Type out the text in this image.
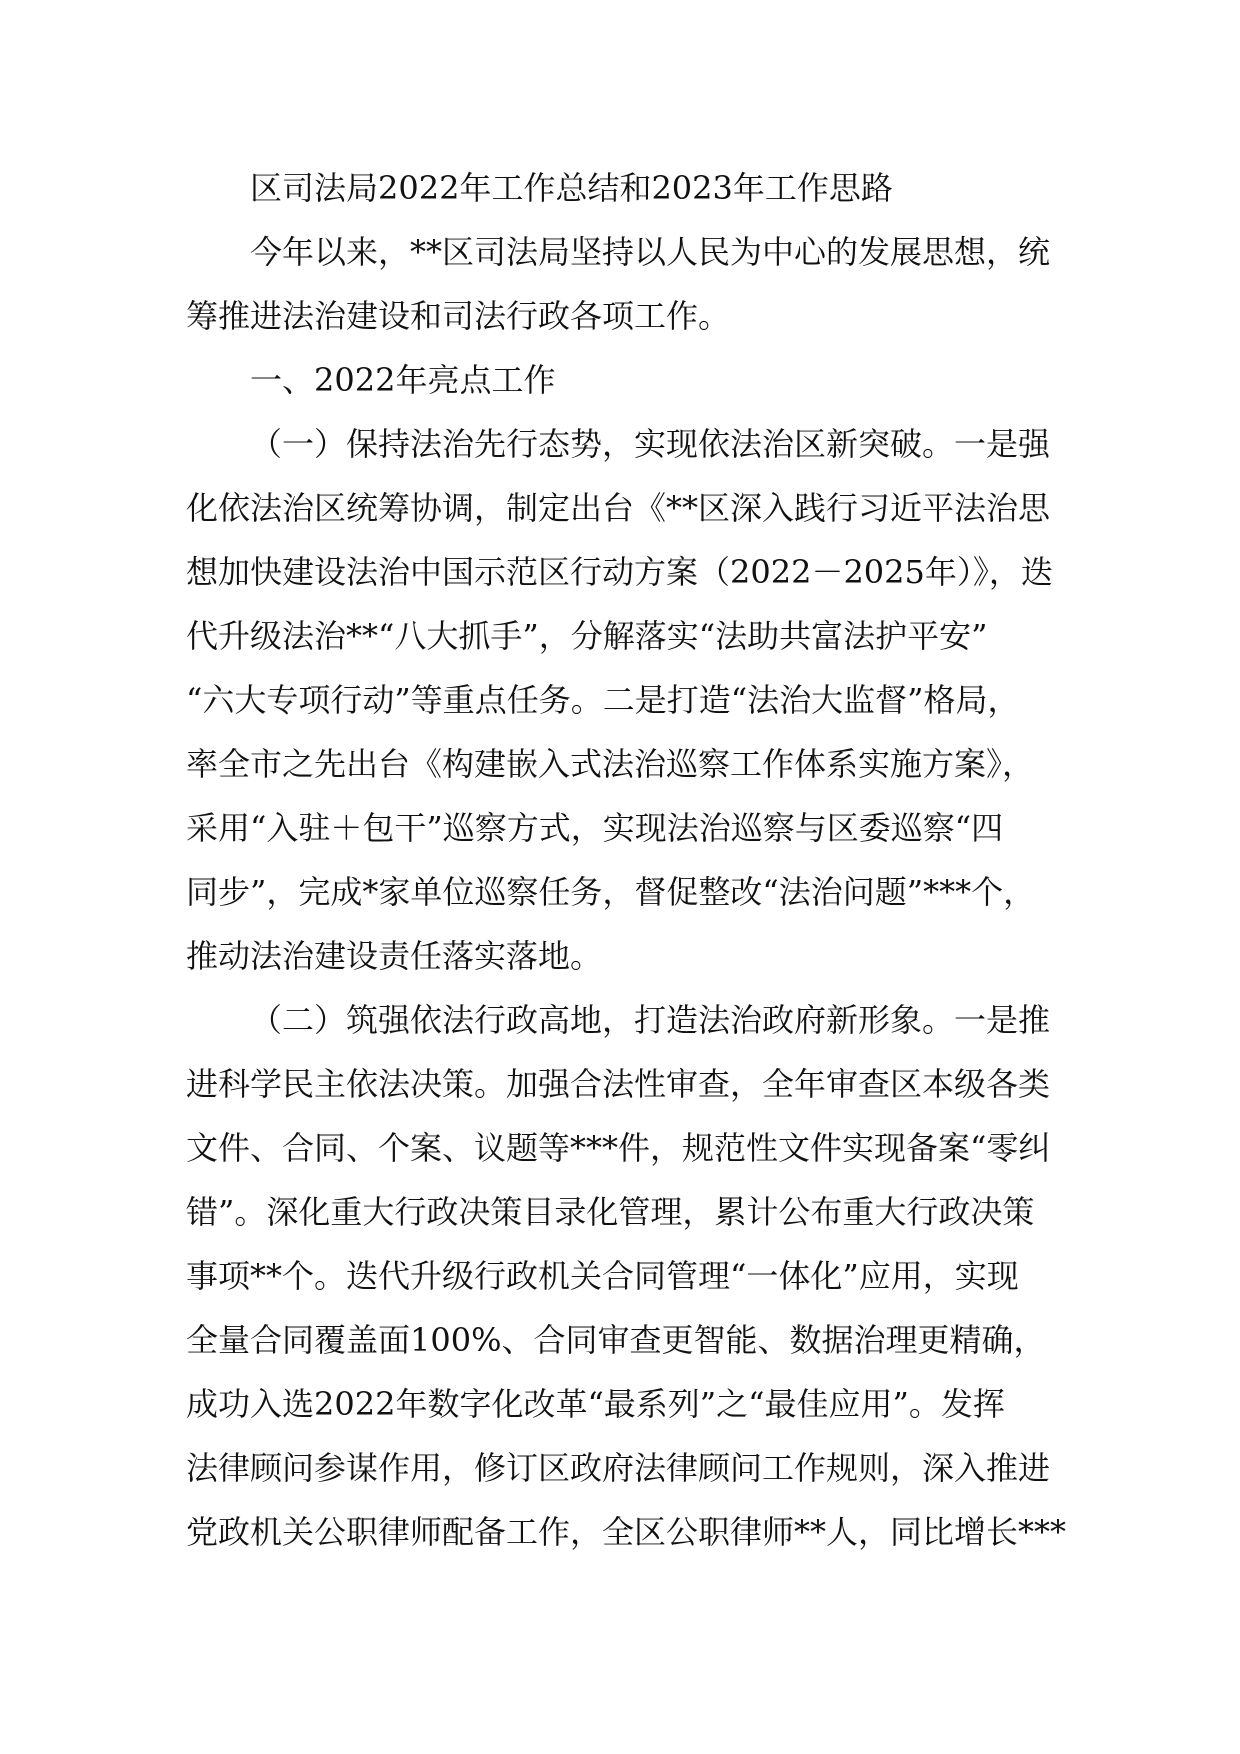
区司法局2022年工作总结和2023年工作思路
今年以来，**区司法局坚持以人民为中心的发展思想，统
筹推进法治建设和司法行政各项工作。
一、2022年亮点工作
（一）保持法治先行态势，实现依法治区新突破。一是强
化依法治区统筹协调，制定出台《**区深入践行习近平法治思
想加快建设法治中国示范区行动方案（2022－2025年）》，迭
代升级法治**“八大抓手”，分解落实“法助共富法护平安”
“六大专项行动”等重点任务。二是打造“法治大监督”格局，
率全市之先出台《构建嵌入式法治巡察工作体系实施方案》，
采用“入驻＋包干”巡察方式，实现法治巡察与区委巡察“四
同步”，完成*家单位巡察任务，督促整改“法治问题”***个，
推动法治建设责任落实落地。
（二）筑强依法行政高地，打造法治政府新形象。一是推
进科学民主依法决策。加强合法性审查，全年审查区本级各类
文件、合同、个案、议题等***件，规范性文件实现备案“零纠
错”。深化重大行政决策目录化管理，累计公布重大行政决策
事项**个。迭代升级行政机关合同管理“一体化”应用，实现
全量合同覆盖面100%、合同审查更智能、数据治理更精确，
成功入选2022年数字化改革“最系列”之“最佳应用”。发挥
法律顾问参谋作用，修订区政府法律顾问工作规则，深入推进
党政机关公职律师配备工作，全区公职律师**人，同比增长***
